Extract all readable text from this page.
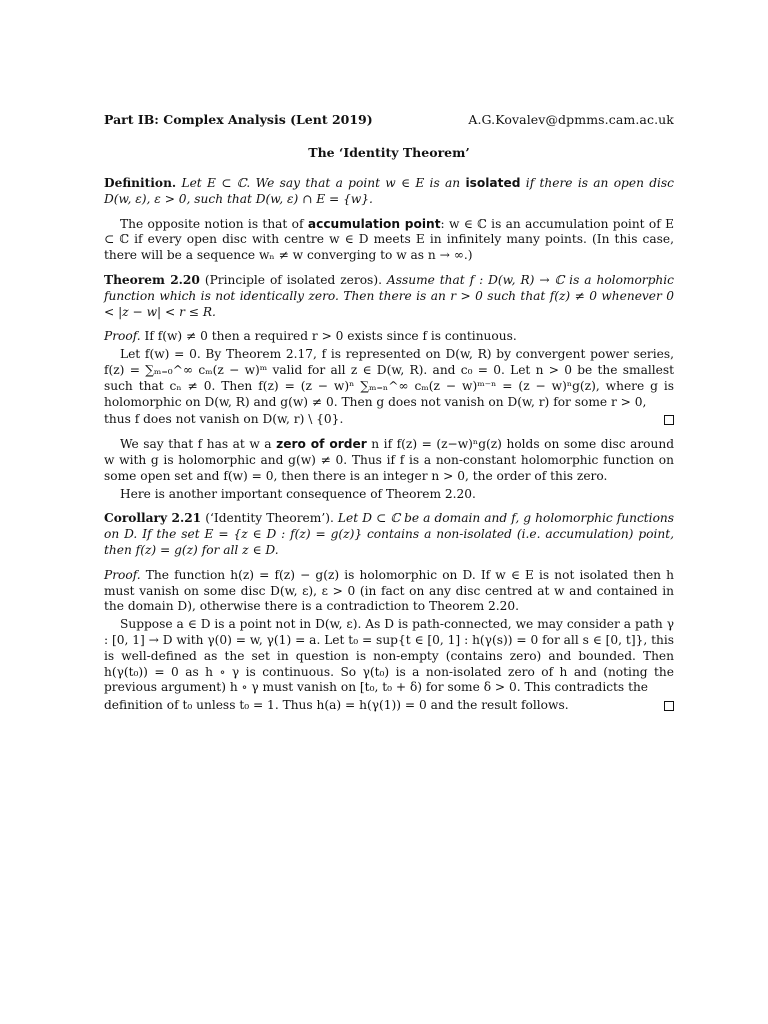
Part IB: Complex Analysis (Lent 2019)	A.G.Kovalev@dpmms.cam.ac.uk
The ‘Identity Theorem’

Definition. Let E ⊂ ℂ. We say that a point w ∈ E is an isolated if there is an open disc D(w, ε), ε > 0, such that D(w, ε) ∩ E = {w}.

The opposite notion is that of accumulation point: w ∈ ℂ is an accumulation point of E ⊂ ℂ if every open disc with centre w ∈ D meets E in infinitely many points. (In this case, there will be a sequence wₙ ≠ w converging to w as n → ∞.)

Theorem 2.20 (Principle of isolated zeros). Assume that f : D(w, R) → ℂ is a holomorphic function which is not identically zero. Then there is an r > 0 such that f(z) ≠ 0 whenever 0 < |z − w| < r ≤ R.

Proof. If f(w) ≠ 0 then a required r > 0 exists since f is continuous.

Let f(w) = 0. By Theorem 2.17, f is represented on D(w, R) by convergent power series, f(z) = ∑ₘ₌₀^∞ cₘ(z − w)ᵐ valid for all z ∈ D(w, R). and c₀ = 0. Let n > 0 be the smallest such that cₙ ≠ 0. Then f(z) = (z − w)ⁿ ∑ₘ₌ₙ^∞ cₘ(z − w)ᵐ⁻ⁿ = (z − w)ⁿg(z), where g is holomorphic on D(w, R) and g(w) ≠ 0. Then g does not vanish on D(w, r) for some r > 0,

thus f does not vanish on D(w, r) \ {0}.

We say that f has at w a zero of order n if f(z) = (z−w)ⁿg(z) holds on some disc around w with g is holomorphic and g(w) ≠ 0. Thus if f is a non-constant holomorphic function on some open set and f(w) = 0, then there is an integer n > 0, the order of this zero.

Here is another important consequence of Theorem 2.20.

Corollary 2.21 (‘Identity Theorem’). Let D ⊂ ℂ be a domain and f, g holomorphic functions on D. If the set E = {z ∈ D : f(z) = g(z)} contains a non-isolated (i.e. accumulation) point, then f(z) = g(z) for all z ∈ D.

Proof. The function h(z) = f(z) − g(z) is holomorphic on D. If w ∈ E is not isolated then h must vanish on some disc D(w, ε), ε > 0 (in fact on any disc centred at w and contained in the domain D), otherwise there is a contradiction to Theorem 2.20.

Suppose a ∈ D is a point not in D(w, ε). As D is path-connected, we may consider a path γ : [0, 1] → D with γ(0) = w, γ(1) = a. Let t₀ = sup{t ∈ [0, 1] : h(γ(s)) = 0 for all s ∈ [0, t]}, this is well-defined as the set in question is non-empty (contains zero) and bounded. Then h(γ(t₀)) = 0 as h ∘ γ is continuous. So γ(t₀) is a non-isolated zero of h and (noting the previous argument) h ∘ γ must vanish on [t₀, t₀ + δ) for some δ > 0. This contradicts the

definition of t₀ unless t₀ = 1. Thus h(a) = h(γ(1)) = 0 and the result follows.
